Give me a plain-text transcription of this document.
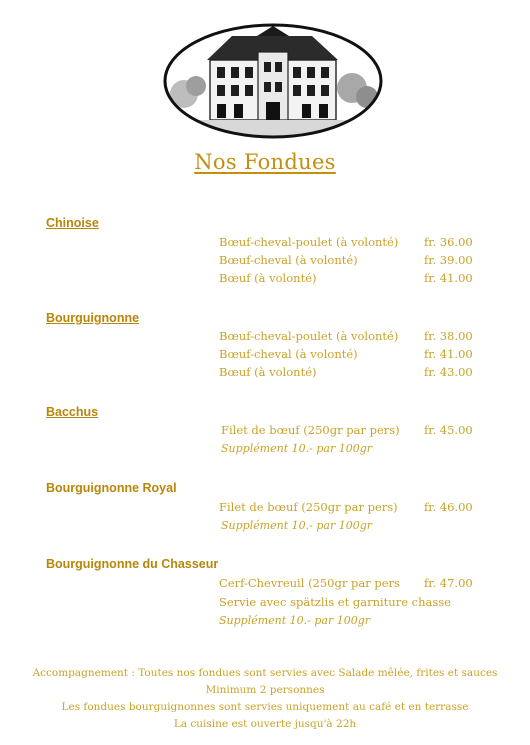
Nos Fondues
Chinoise
Bœuf-cheval-poulet (à volonté) fr. 36.00
Bœuf-cheval (à volonté)	fr. 39.00
Bœuf (à volonté)	fr. 41.00
Bourguignonne
Bœuf-cheval-poulet (à volonté) fr. 38.00
Bœuf-cheval (à volonté)	fr. 41.00
Bœuf (à volonté)	fr. 43.00
Bacchus
Filet de bœuf (250gr par pers) fr. 45.00
Supplément 10.- par 100gr
Bourguignonne Royal
Filet de bœuf (250gr par pers) fr. 46.00
Supplément 10.- par 100gr
Bourguignonne du Chasseur
Cerf-Chevreuil (250gr par pers fr. 47.00
Servie avec spätzlis et garniture chasse
Supplément 10.- par 100gr
Accompagnement : Toutes nos fondues sont servies avec Salade mêlée, frites et sauces
Minimum 2 personnes
Les fondues bourguignonnes sont servies uniquement au café et en terrasse
La cuisine est ouverte jusqu'à 22h
